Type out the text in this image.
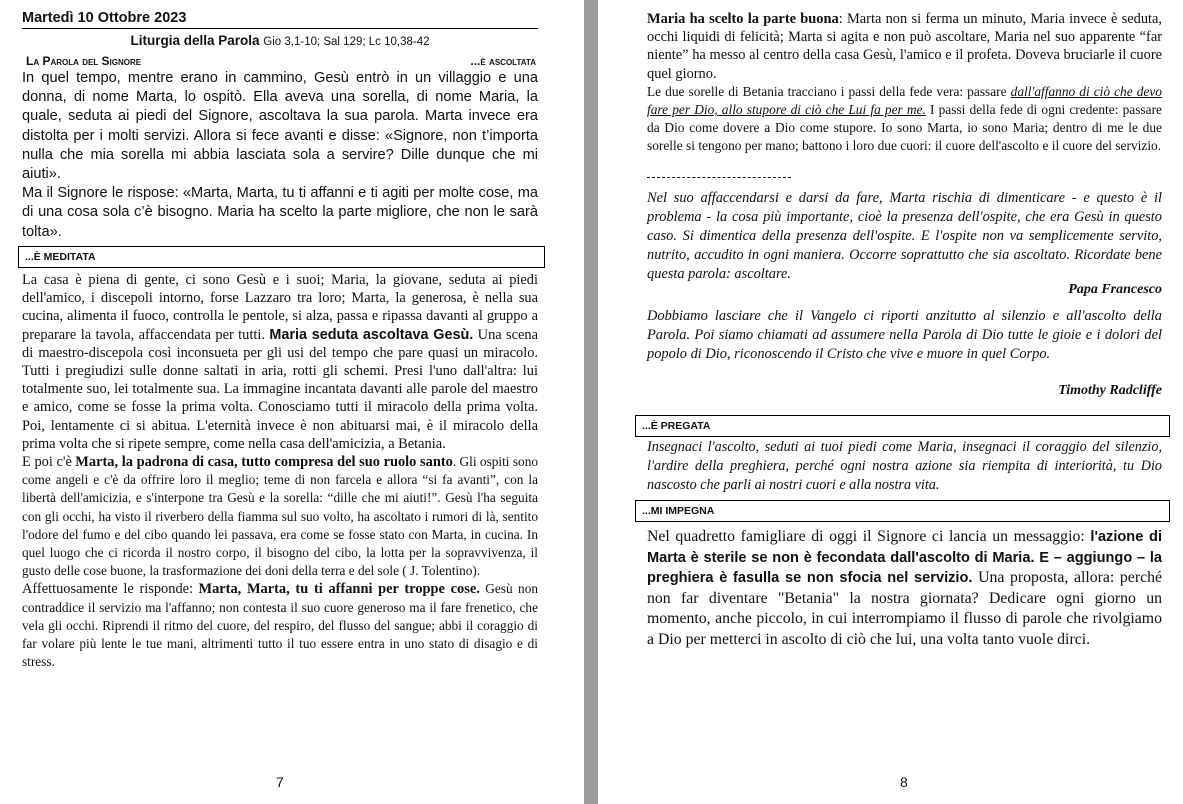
Martedì 10 Ottobre 2023
Liturgia della Parola Gio 3,1-10; Sal 129; Lc 10,38-42
La Parola del Signore	...è ascoltata

In quel tempo, mentre erano in cammino, Gesù entrò in un villaggio e una donna, di nome Marta, lo ospitò. Ella aveva una sorella, di nome Maria, la quale, seduta ai piedi del Signore, ascoltava la sua parola. Marta invece era distolta per i molti servizi. Allora si fece avanti e disse: «Signore, non t’importa nulla che mia sorella mi abbia lasciata sola a servire? Dille dunque che mi aiuti».

Ma il Signore le rispose: «Marta, Marta, tu ti affanni e ti agiti per molte cose, ma di una cosa sola c’è bisogno. Maria ha scelto la parte migliore, che non le sarà tolta».

...È MEDITATA

La casa è piena di gente, ci sono Gesù e i suoi; Maria, la giovane, seduta ai piedi dell'amico, i discepoli intorno, forse Lazzaro tra loro; Marta, la generosa, è nella sua cucina, alimenta il fuoco, controlla le pentole, si alza, passa e ripassa davanti al gruppo a preparare la tavola, affaccendata per tutti. Maria seduta ascoltava Gesù. Una scena di maestro-discepola così inconsueta per gli usi del tempo che pare quasi un miracolo. Tutti i pregiudizi sulle donne saltati in aria, rotti gli schemi. Presi l'uno dall'altra: lui totalmente suo, lei totalmente sua. La immagine incantata davanti alle parole del maestro e amico, come se fosse la prima volta. Conosciamo tutti il miracolo della prima volta. Poi, lentamente ci si abitua. L'eternità invece è non abituarsi mai, è il miracolo della prima volta che si ripete sempre, come nella casa dell'amicizia, a Betania.

E poi c'è Marta, la padrona di casa, tutto compresa del suo ruolo santo. Gli ospiti sono come angeli e c'è da offrire loro il meglio; teme di non farcela e allora “si fa avanti”, con la libertà dell'amicizia, e s'interpone tra Gesù e la sorella: “dille che mi aiuti!”. Gesù l'ha seguita con gli occhi, ha visto il riverbero della fiamma sul suo volto, ha ascoltato i rumori di là, sentito l'odore del fumo e del cibo quando lei passava, era come se fosse stato con Marta, in cucina. In quel luogo che ci ricorda il nostro corpo, il bisogno del cibo, la lotta per la sopravvivenza, il gusto delle cose buone, la trasformazione dei doni della terra e del sole ( J. Tolentino).

Affettuosamente le risponde: Marta, Marta, tu ti affanni per troppe cose. Gesù non contraddice il servizio ma l'affanno; non contesta il suo cuore generoso ma il fare frenetico, che vela gli occhi. Riprendi il ritmo del cuore, del respiro, del flusso del sangue; abbi il coraggio di far volare più lente le tue mani, altrimenti tutto il tuo essere entra in uno stato di disagio e di stress.

7

Maria ha scelto la parte buona: Marta non si ferma un minuto, Maria invece è seduta, occhi liquidi di felicità; Marta si agita e non può ascoltare, Maria nel suo apparente “far niente” ha messo al centro della casa Gesù, l'amico e il profeta. Doveva bruciarle il cuore quel giorno.

Le due sorelle di Betania tracciano i passi della fede vera: passare dall'affanno di ciò che devo fare per Dio, allo stupore di ciò che Lui fa per me. I passi della fede di ogni credente: passare da Dio come dovere a Dio come stupore. Io sono Marta, io sono Maria; dentro di me le due sorelle si tengono per mano; battono i loro due cuori: il cuore dell'ascolto e il cuore del servizio.

Nel suo affaccendarsi e darsi da fare, Marta rischia di dimenticare - e questo è il problema - la cosa più importante, cioè la presenza dell'ospite, che era Gesù in questo caso. Si dimentica della presenza dell'ospite. E l'ospite non va semplicemente servito, nutrito, accudito in ogni maniera. Occorre soprattutto che sia ascoltato. Ricordate bene questa parola: ascoltare.

Papa Francesco

Dobbiamo lasciare che il Vangelo ci riporti anzitutto al silenzio e all'ascolto della Parola. Poi siamo chiamati ad assumere nella Parola di Dio tutte le gioie e i dolori del popolo di Dio, riconoscendo il Cristo che vive e muore in quel Corpo.

Timothy Radcliffe
...È PREGATA

Insegnaci l'ascolto, seduti ai tuoi piedi come Maria, insegnaci il coraggio del silenzio, l'ardire della preghiera, perché ogni nostra azione sia riempita di interiorità, tu Dio nascosto che parli ai nostri cuori e alla nostra vita.

...MI IMPEGNA

Nel quadretto famigliare di oggi il Signore ci lancia un messaggio: l'azione di Marta è sterile se non è fecondata dall'ascolto di Maria. E – aggiungo – la preghiera è fasulla se non sfocia nel servizio. Una proposta, allora: perché non far diventare "Betania" la nostra giornata? Dedicare ogni giorno un momento, anche piccolo, in cui interrompiamo il flusso di parole che rivolgiamo a Dio per metterci in ascolto di ciò che lui, una volta tanto vuole dirci.

8
